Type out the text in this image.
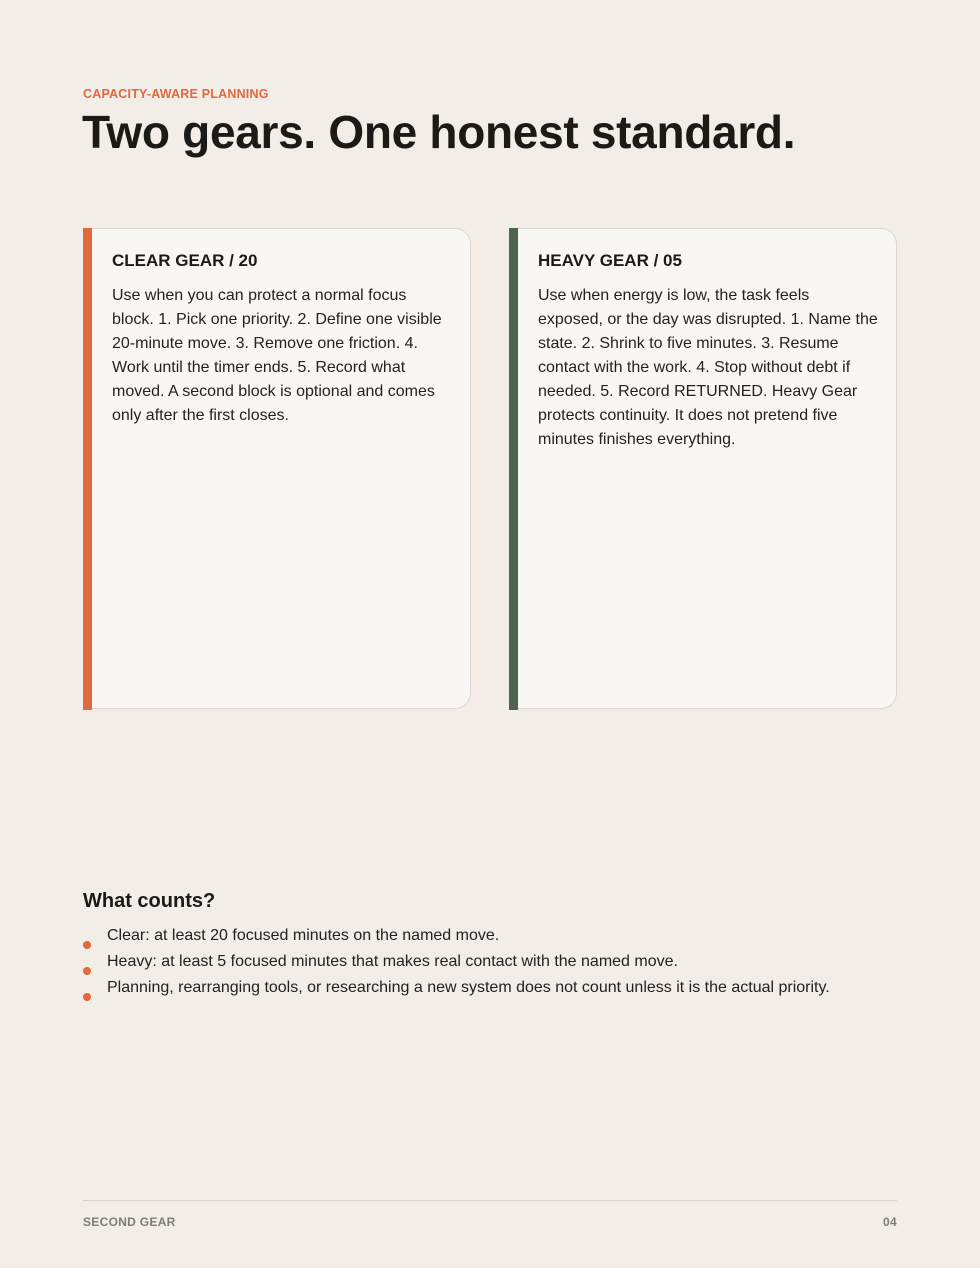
CAPACITY-AWARE PLANNING
Two gears. One honest standard.
CLEAR GEAR / 20

Use when you can protect a normal focus block. 1. Pick one priority. 2. Define one visible 20-minute move. 3. Remove one friction. 4. Work until the timer ends. 5. Record what moved. A second block is optional and comes only after the first closes.

HEAVY GEAR / 05

Use when energy is low, the task feels exposed, or the day was disrupted. 1. Name the state. 2. Shrink to five minutes. 3. Resume contact with the work. 4. Stop without debt if needed. 5. Record RETURNED. Heavy Gear protects continuity. It does not pretend five minutes finishes everything.

What counts?
Clear: at least 20 focused minutes on the named move.
Heavy: at least 5 focused minutes that makes real contact with the named move.
Planning, rearranging tools, or researching a new system does not count unless it is the actual priority.
SECOND GEAR	04
